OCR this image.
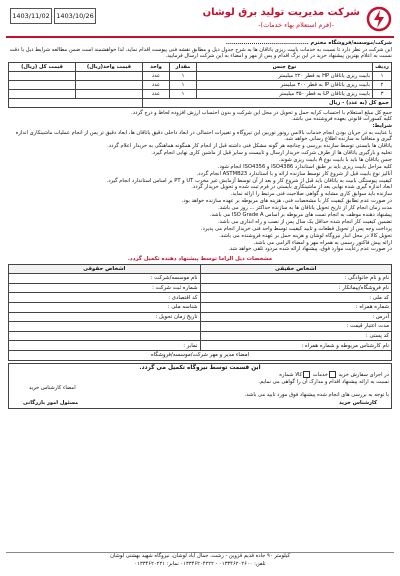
شرکت مدیریت تولید برق لوشان
-(فرم استعلام بهاء خدمات)-
1403/11/02	1403/10/26
شرکت/موسسه/فروشگاه محترم ..........................................
این شرکت در نظر دارد تا نسبت به خدمات بابیت ریزی یاتاقان ها به شرح جدول ذیل و مطابق نقشه فنی پیوست اقدام نماید. لذا خواهشمند است ضمن مطالعه شرایط ذیل با دقت نسبت به اعلام بهترین پیشنهاد خرید در این برگ اقدام و پس از مهر و امضاء به این شرکت ارسال فرمایید.
ردیف	نوع جنس	مقدار	واحد	قیمت واحد(ریال)	قیمت کل (ریال)
۱	بابیت ریزی یاتاقان HP به قطر ۲۲۰ میلیمتر	۱	عدد		
۲	بابیت ریزی یاتاقان IP به قطر ۳۰۰ میلیمتر	۱	عدد		
۳	بابیت ریزی یاتاقان LP به قطر ۳۵۰ میلیمتر	۱	عدد		
جمع کل (به عدد) - ریال					
جمع کل مبلغ استعلام با احتساب کرایه حمل و تحویل در محل این شرکت و بدون احتساب ارزش افزوده لحاظ و درج گردد.
کلیه کسورات قانونی بعهده فروشنده می باشد.
شرایط:
با عنایت به در جریان بودن انجام خدمات بالانس روتور توربین این نیروگاه و تغییرات احتمالی در ابعاد داخلی دقیق یاتاقان ها، ابعاد دقیق تر پس از انجام عملیات ماشینکاری اندازه گیری و متعاقبا به سازنده اطلاع رسانی خواهد شد.
یاتاقان ها بایستی توسط سازنده بررسی و چنانچه هر گونه مشکل فنی داشته قبل از انجام کار همگونه هماهنگی به خریدار اعلام گردد.
تخلیه و بارگیری یاتاقان ها از طرف شرکت خریدار ارسال و تابیست و سایر قبل از ماشین کاری نهایی انجام گیرد.
جنس یاتاقان ها باید با بابیت نوع A بابیت ریزی شوند.
کلیه مراحل بابیت ریزی باید بر طبق استاندارد ISO4386 و ISO4356 انجام شود.
آنالیز نوع بابیت قبل از شروع کار توسط سازنده ارائه و با استاندارد ASTMB23 انجام گردد.
کیفیت پیوستگی بابیت به یاتاقان باید قبل از شروع کار و بعد از آن توسط آزمایش غیر مخرب UT و PT بر اساس استاندارد انجام گیرد.
ابعاد اندازه گیری شده نهایی بعد از ماشینکاری بایستی در فرم ثبت شده و تحویل خریدار گردد.
سازنده باید سوابق کاری مشابه و گواهی صلاحیت فنی مرتبط را ارائه نماید.
در صورت عدم تطابق کیفیت کار با مشخصات فنی، هزینه های مربوطه بر عهده سازنده خواهد بود.
مدت زمان انجام کار از تاریخ تحویل یاتاقان ها به سازنده حداکثر ... روز می باشد.
پیشنهاد دهنده موظف به انجام تست های مربوطه بر اساس ISO Grade A می باشد.
تضمین کیفیت کار انجام شده حداقل یک سال پس از نصب و راه اندازی می باشد.
پرداخت وجه پس از تحویل قطعات و تایید کیفیت توسط واحد فنی خریدار انجام می پذیرد.
تحویل کالا در محل انبار نیروگاه لوشان و هزینه حمل بر عهده فروشنده می باشد.
ارائه پیش فاکتور رسمی به همراه مهر و امضاء الزامی می باشد.
در صورت عدم رعایت موارد فوق، پیشنهاد ارائه شده مردود تلقی خواهد شد.
مشخصات ذیل الزاما توسط پیشنهاد دهنده تکمیل گردد.	
اشخاص حقیقی	اشخاص حقوقی
نام و نام خانوادگی :	نام موسسه/شرکت :
نام فروشگاه/پیمانکار :	شماره ثبت شرکت :
کد ملی :	کد اقتصادی :
شماره همراه :	شناسه ملی :
آدرس :	تاریخ زمان تحویل :
مدت اعتبار قیمت :	
کد پستی :	
نام کارشناس مربوطه و شماره همراه :	نمابر :
امضاء مدیر و مهر شرکت/موسسه/فروشگاه	
این قسمت توسط نیروگاه تکمیل می گردد.
در اجرای سفارش خرید خدمات کالا شماره
نسبت به ارائه پیشنهاد اقدام و مدارک آن را گواهی می نمایم.
امضاء کارشناس خرید
با توجه به بررسی های انجام شده پیشنهاد فوق مورد تایید می باشد.
کارشناس خرید
مسئول امور بازرگانی
کیلومتر ۹۰ جاده قدیم قزوین - رشت، جمال آباد لوشان، نیروگاه شهید بهشتی لوشان
تلفن: ۰۱۳۳۴۶۲۰۲۶۰۰ - ۰۱۳۳۴۶۲۰۴۲۲۲ نمابر: ۰۱۳۳۴۶۲۰۲۲۱
